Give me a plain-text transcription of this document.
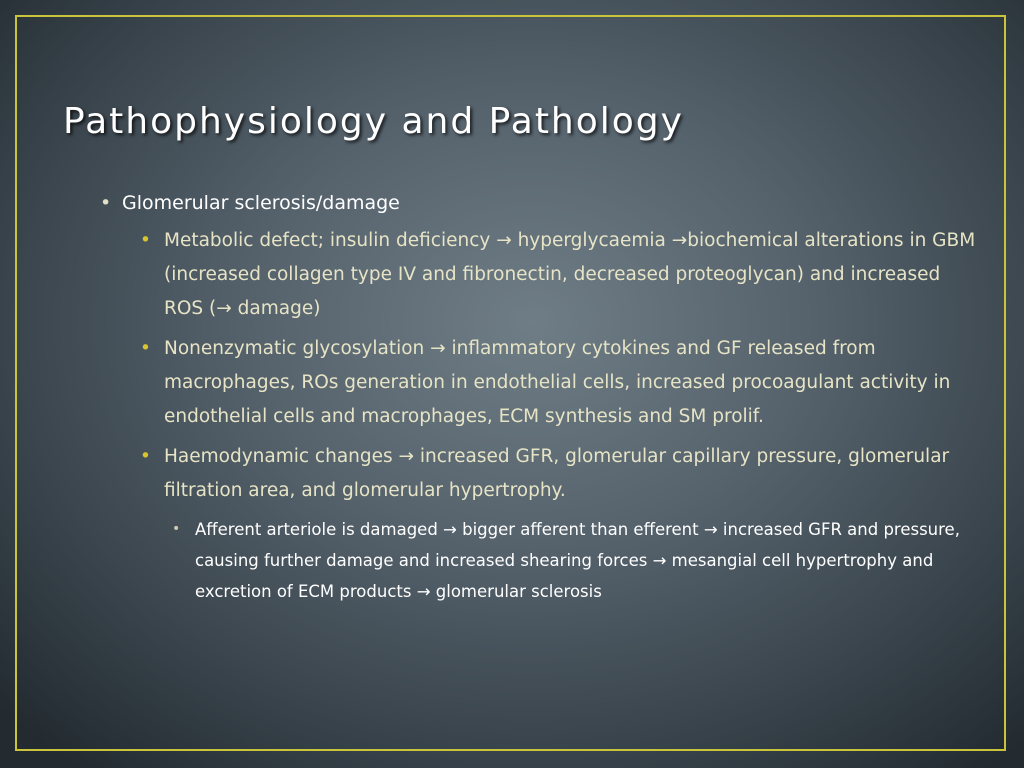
Pathophysiology and Pathology
• Glomerular sclerosis/damage
• Metabolic defect; insulin deficiency → hyperglycaemia →biochemical alterations in GBM (increased collagen type IV and fibronectin, decreased proteoglycan) and increased ROS (→ damage)
• Nonenzymatic glycosylation → inflammatory cytokines and GF released from macrophages, ROs generation in endothelial cells, increased procoagulant activity in endothelial cells and macrophages, ECM synthesis and SM prolif.
• Haemodynamic changes → increased GFR, glomerular capillary pressure, glomerular filtration area, and glomerular hypertrophy.
• Afferent arteriole is damaged → bigger afferent than efferent → increased GFR and pressure, causing further damage and increased shearing forces → mesangial cell hypertrophy and excretion of ECM products → glomerular sclerosis
